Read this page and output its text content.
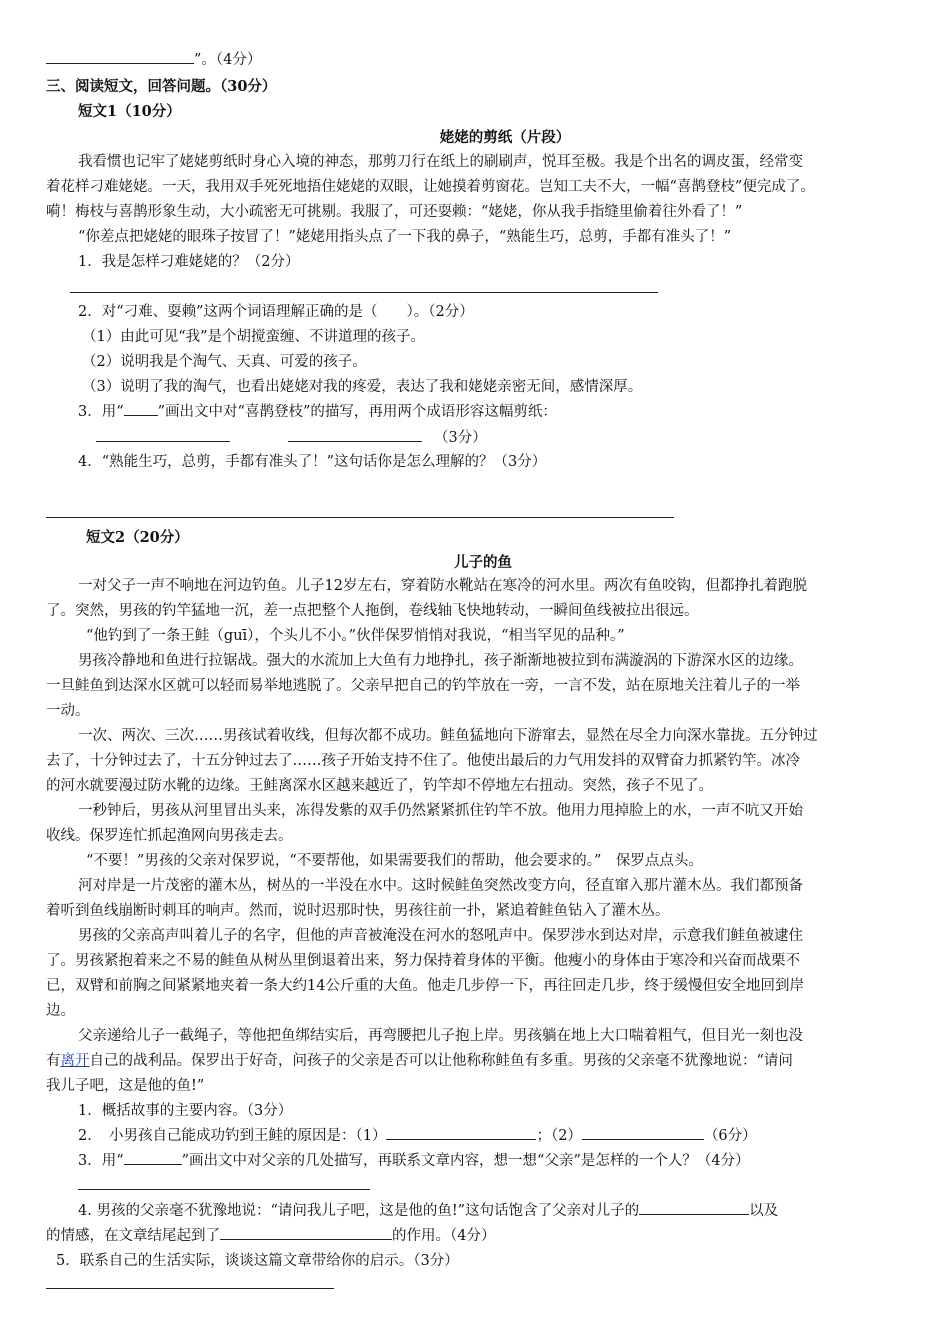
”。（4分）
三、阅读短文，回答问题。（30分）
短文1（10分）
姥姥的剪纸（片段）
我看惯也记牢了姥姥剪纸时身心入境的神态，那剪刀行在纸上的刷刷声，悦耳至极。我是个出名的调皮蛋，经常变
着花样刁难姥姥。一天，我用双手死死地捂住姥姥的双眼，让她摸着剪窗花。岂知工夫不大，一幅“喜鹊登枝”便完成了。
嗬！梅枝与喜鹊形象生动，大小疏密无可挑剔。我服了，可还耍赖：“姥姥，你从我手指缝里偷着往外看了！”
“你差点把姥姥的眼珠子按冒了！”姥姥用指头点了一下我的鼻子，“熟能生巧，总剪，手都有准头了！”
1．我是怎样刁难姥姥的？（2分）
2．对“刁难、耍赖”这两个词语理解正确的是（　　）。（2分）
（1）由此可见“我”是个胡搅蛮缠、不讲道理的孩子。
（2）说明我是个淘气、天真、可爱的孩子。
（3）说明了我的淘气，也看出姥姥对我的疼爱，表达了我和姥姥亲密无间，感情深厚。
3．用“ ”画出文中对“喜鹊登枝”的描写，再用两个成语形容这幅剪纸：
（3分）
4．“熟能生巧，总剪，手都有准头了！”这句话你是怎么理解的？（3分）
短文2（20分）
儿子的鱼
一对父子一声不响地在河边钓鱼。儿子12岁左右，穿着防水靴站在寒冷的河水里。两次有鱼咬钩，但都挣扎着跑脱
了。突然，男孩的钓竿猛地一沉，差一点把整个人拖倒，卷线轴飞快地转动，一瞬间鱼线被拉出很远。
“他钓到了一条王鲑（guī），个头儿不小。”伙伴保罗悄悄对我说，“相当罕见的品种。”
男孩冷静地和鱼进行拉锯战。强大的水流加上大鱼有力地挣扎，孩子渐渐地被拉到布满漩涡的下游深水区的边缘。
一旦鲑鱼到达深水区就可以轻而易举地逃脱了。父亲早把自己的钓竿放在一旁，一言不发，站在原地关注着儿子的一举
一动。
一次、两次、三次……男孩试着收线，但每次都不成功。鲑鱼猛地向下游窜去，显然在尽全力向深水靠拢。五分钟过
去了，十分钟过去了，十五分钟过去了……孩子开始支持不住了。他使出最后的力气用发抖的双臂奋力抓紧钓竿。冰冷
的河水就要漫过防水靴的边缘。王鲑离深水区越来越近了，钓竿却不停地左右扭动。突然，孩子不见了。
一秒钟后，男孩从河里冒出头来，冻得发紫的双手仍然紧紧抓住钓竿不放。他用力甩掉脸上的水，一声不吭又开始
收线。保罗连忙抓起渔网向男孩走去。
“不要！”男孩的父亲对保罗说，“不要帮他，如果需要我们的帮助，他会要求的。”　保罗点点头。
河对岸是一片茂密的灌木丛，树丛的一半没在水中。这时候鲑鱼突然改变方向，径直窜入那片灌木丛。我们都预备
着听到鱼线崩断时刺耳的响声。然而，说时迟那时快，男孩往前一扑，紧追着鲑鱼钻入了灌木丛。
男孩的父亲高声叫着儿子的名字，但他的声音被淹没在河水的怒吼声中。保罗涉水到达对岸，示意我们鲑鱼被逮住
了。男孩紧抱着来之不易的鲑鱼从树丛里倒退着出来，努力保持着身体的平衡。他瘦小的身体由于寒冷和兴奋而战栗不
已，双臂和前胸之间紧紧地夹着一条大约14公斤重的大鱼。他走几步停一下，再往回走几步，终于缓慢但安全地回到岸
边。
父亲递给儿子一截绳子，等他把鱼绑结实后，再弯腰把儿子抱上岸。男孩躺在地上大口喘着粗气，但目光一刻也没
有离开自己的战利品。保罗出于好奇，问孩子的父亲是否可以让他称称鲑鱼有多重。男孩的父亲毫不犹豫地说：“请问
我儿子吧，这是他的鱼!”
1．概括故事的主要内容。（3分）
2．　小男孩自己能成功钓到王鲑的原因是：（1）	；（2）	（6分）
3．用“	”画出文中对父亲的几处描写，再联系文章内容，想一想“父亲”是怎样的一个人？（4分）
4. 男孩的父亲毫不犹豫地说：“请问我儿子吧，这是他的鱼!”这句话饱含了父亲对儿子的	以及
的情感，在文章结尾起到了	的作用。（4分）
5．联系自己的生活实际，谈谈这篇文章带给你的启示。（3分）
